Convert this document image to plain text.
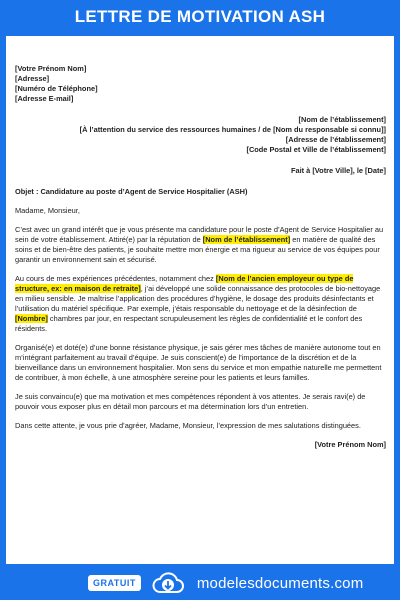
LETTRE DE MOTIVATION ASH
[Votre Prénom Nom]
[Adresse]
[Numéro de Téléphone]
[Adresse E-mail]
[Nom de l’établissement]
[À l’attention du service des ressources humaines / de [Nom du responsable si connu]]
[Adresse de l’établissement]
[Code Postal et Ville de l’établissement]
Fait à [Votre Ville], le [Date]

Objet : Candidature au poste d’Agent de Service Hospitalier (ASH)

Madame, Monsieur,

C’est avec un grand intérêt que je vous présente ma candidature pour le poste d’Agent de Service Hospitalier au sein de votre établissement. Attiré(e) par la réputation de [Nom de l’établissement] en matière de qualité des soins et de bien-être des patients, je souhaite mettre mon énergie et ma rigueur au service de vos équipes pour garantir un environnement sain et sécurisé.

Au cours de mes expériences précédentes, notamment chez [Nom de l’ancien employeur ou type de structure, ex: en maison de retraite], j’ai développé une solide connaissance des protocoles de bio-nettoyage en milieu sensible. Je maîtrise l’application des procédures d’hygiène, le dosage des produits désinfectants et l’utilisation du matériel spécifique. Par exemple, j’étais responsable du nettoyage et de la désinfection de [Nombre] chambres par jour, en respectant scrupuleusement les règles de confidentialité et le confort des résidents.

Organisé(e) et doté(e) d’une bonne résistance physique, je sais gérer mes tâches de manière autonome tout en m’intégrant parfaitement au travail d’équipe. Je suis conscient(e) de l’importance de la discrétion et de la bienveillance dans un environnement hospitalier. Mon sens du service et mon empathie naturelle me permettent de contribuer, à mon échelle, à une atmosphère sereine pour les patients et leurs familles.

Je suis convaincu(e) que ma motivation et mes compétences répondent à vos attentes. Je serais ravi(e) de pouvoir vous exposer plus en détail mon parcours et ma détermination lors d’un entretien.

Dans cette attente, je vous prie d’agréer, Madame, Monsieur, l’expression de mes salutations distinguées.

[Votre Prénom Nom]
GRATUIT	modelesdocuments.com
